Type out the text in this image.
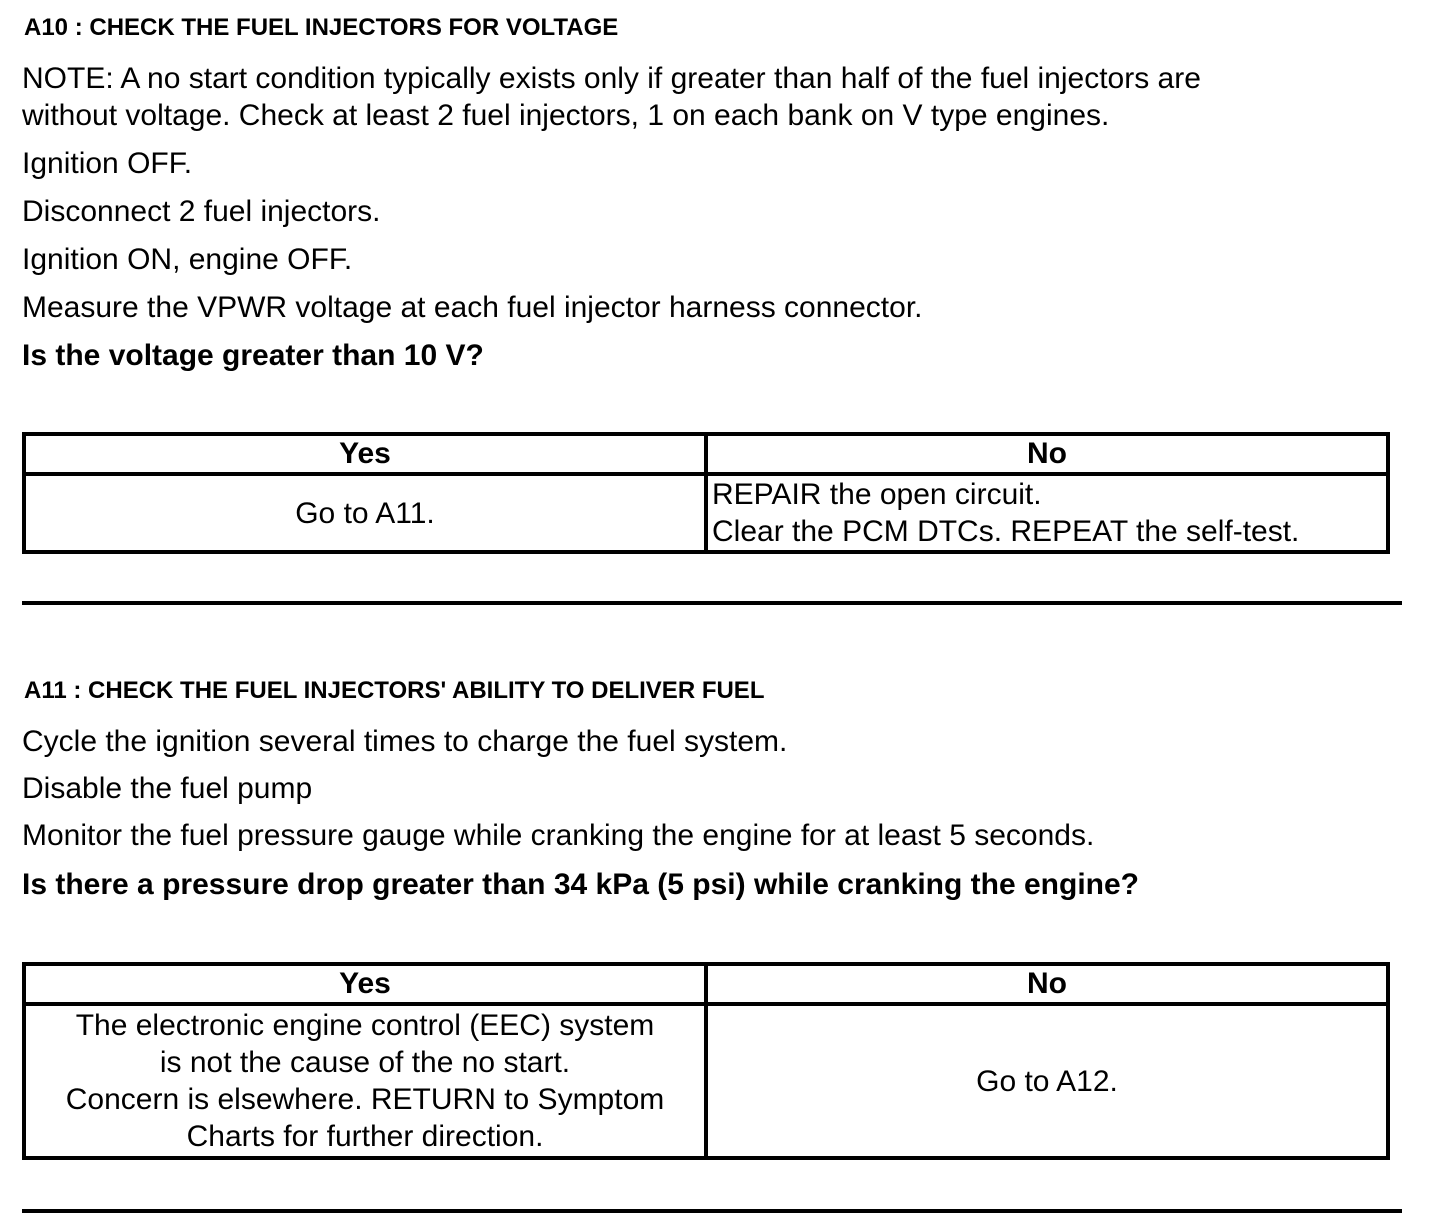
A10 : CHECK THE FUEL INJECTORS FOR VOLTAGE
NOTE: A no start condition typically exists only if greater than half of the fuel injectors are
without voltage. Check at least 2 fuel injectors, 1 on each bank on V type engines.
Ignition OFF.
Disconnect 2 fuel injectors.
Ignition ON, engine OFF.
Measure the VPWR voltage at each fuel injector harness connector.
Is the voltage greater than 10 V?
Yes	No

Go to A11.	REPAIR the open circuit.
Clear the PCM DTCs. REPEAT the self-test.
A11 : CHECK THE FUEL INJECTORS' ABILITY TO DELIVER FUEL
Cycle the ignition several times to charge the fuel system.
Disable the fuel pump
Monitor the fuel pressure gauge while cranking the engine for at least 5 seconds.
Is there a pressure drop greater than 34 kPa (5 psi) while cranking the engine?
Yes	No

The electronic engine control (EEC) system
is not the cause of the no start.
Concern is elsewhere. RETURN to Symptom
Charts for further direction.	Go to A12.
